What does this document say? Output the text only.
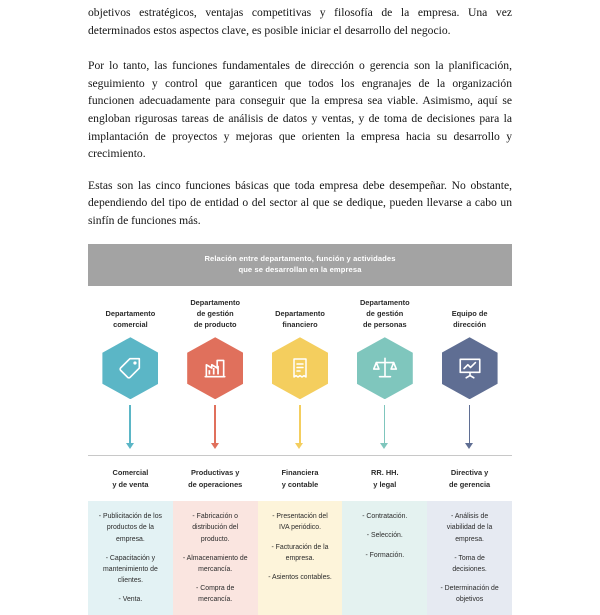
objetivos estratégicos, ventajas competitivas y filosofía de la empresa. Una vez determinados estos aspectos clave, es posible iniciar el desarrollo del negocio.

Por lo tanto, las funciones fundamentales de dirección o gerencia son la planificación, seguimiento y control que garanticen que todos los engranajes de la organización funcionen adecuadamente para conseguir que la empresa sea viable. Asimismo, aquí se engloban rigurosas tareas de análisis de datos y ventas, y de toma de decisiones para la implantación de proyectos y mejoras que orienten la empresa hacia su desarrollo y crecimiento.

Estas son las cinco funciones básicas que toda empresa debe desempeñar. No obstante, dependiendo del tipo de entidad o del sector al que se dedique, pueden llevarse a cabo un sinfín de funciones más.

Relación entre departamento, función y actividades
que se desarrollan en la empresa
Departamento
comercial
Departamento
de gestión
de producto
Departamento
financiero
Departamento
de gestión
de personas
Equipo de
dirección
Comercial
y de venta
- Publicitación de los productos de la empresa.
- Capacitación y mantenimiento de clientes.
- Venta.
Productivas y
de operaciones
- Fabricación o distribución del producto.
- Almacenamiento de mercancía.
- Compra de mercancía.
Financiera
y contable
- Presentación del IVA periódico.
- Facturación de la empresa.
- Asientos contables.
RR. HH.
y legal
- Contratación.
- Selección.
- Formación.
Directiva y
de gerencia
- Análisis de viabilidad de la empresa.
- Toma de decisiones.
- Determinación de objetivos
